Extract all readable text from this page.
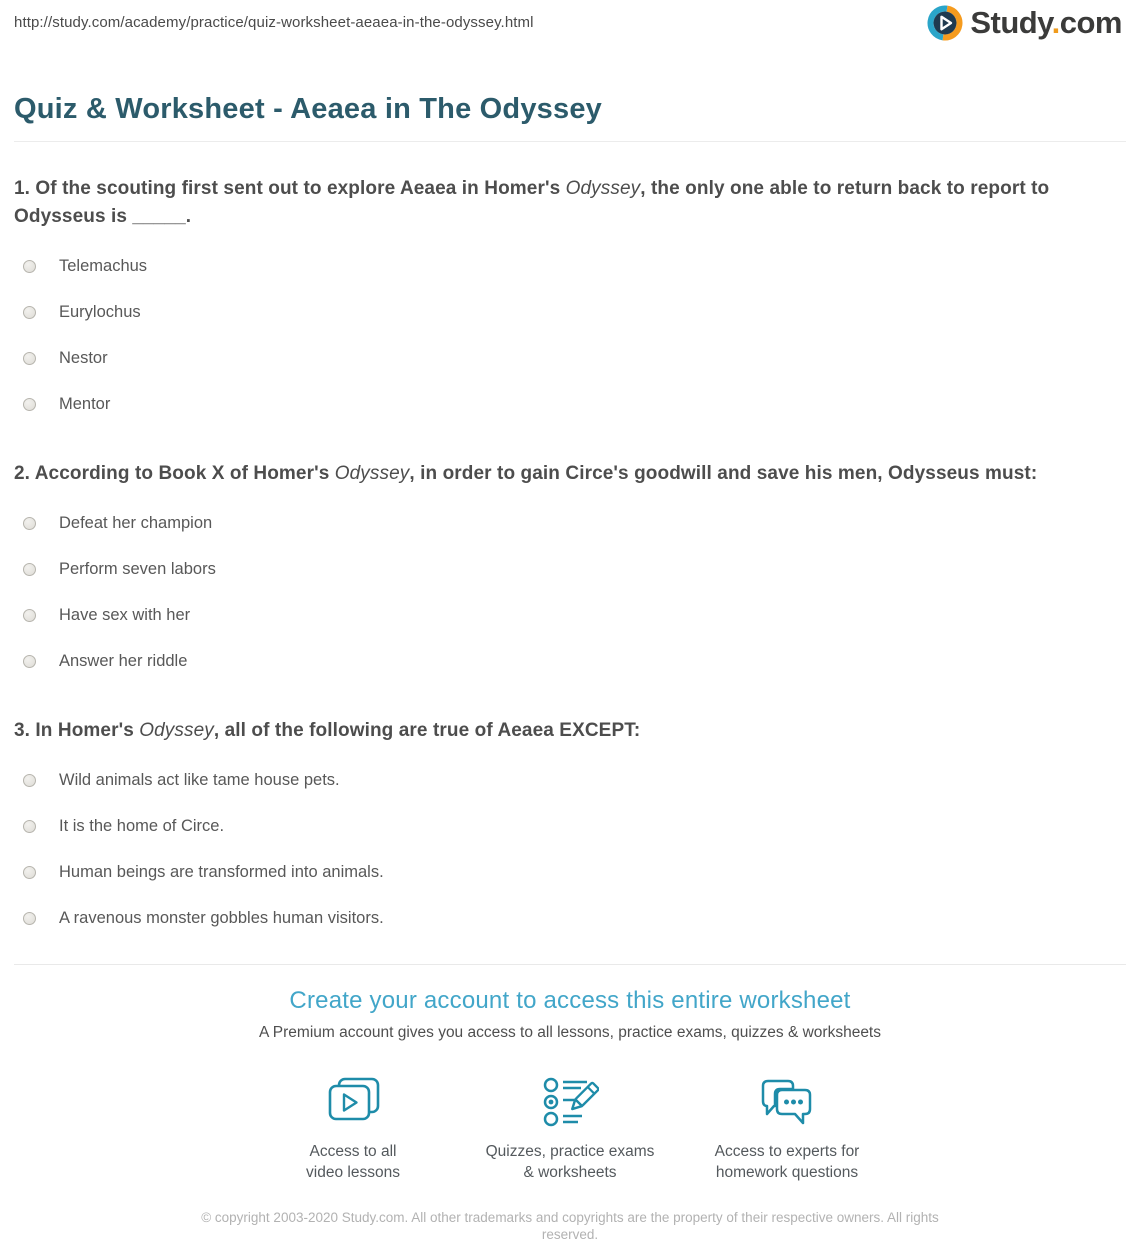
http://study.com/academy/practice/quiz-worksheet-aeaea-in-the-odyssey.html	Study.com
Quiz & Worksheet - Aeaea in The Odyssey
1. Of the scouting first sent out to explore Aeaea in Homer's Odyssey, the only one able to return back to report to Odysseus is _____.
Telemachus
Eurylochus
Nestor
Mentor
2. According to Book X of Homer's Odyssey, in order to gain Circe's goodwill and save his men, Odysseus must:
Defeat her champion
Perform seven labors
Have sex with her
Answer her riddle
3. In Homer's Odyssey, all of the following are true of Aeaea EXCEPT:
Wild animals act like tame house pets.
It is the home of Circe.
Human beings are transformed into animals.
A ravenous monster gobbles human visitors.
Create your account to access this entire worksheet
A Premium account gives you access to all lessons, practice exams, quizzes & worksheets
Access to all
video lessons
Quizzes, practice exams
& worksheets
Access to experts for
homework questions
© copyright 2003-2020 Study.com. All other trademarks and copyrights are the property of their respective owners. All rights reserved.
